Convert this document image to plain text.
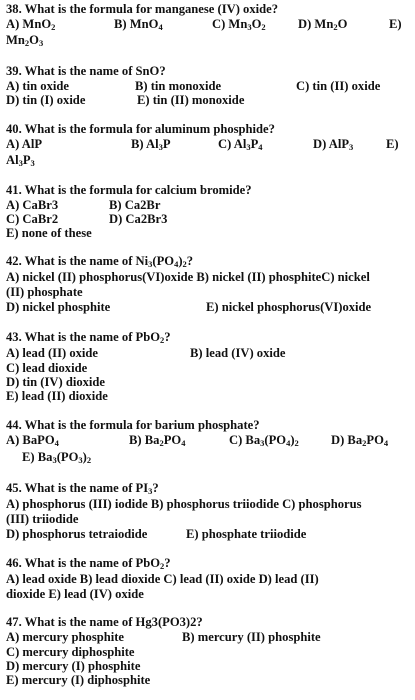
38. What is the formula for manganese (IV) oxide?
A) MnO$_2$	B) MnO$_4$	C) $Mn_3O_2$	D) $Mn_2O$	E)
$Mn_2O_3$
39. What is the name of SnO?
A) tin oxide	B) tin monoxide	C) tin (II) oxide
D) tin (I) oxide	E) tin (II) monoxide
40. What is the formula for aluminum phosphide?
A) AlP	B) $Al_3P$	C) $Al_3P_4$	D) AlP$_3$	E)
$Al_3P_3$
41. What is the formula for calcium bromide?
A) CaBr3	B) Ca2Br
C) CaBr2	D) Ca2Br3
E) none of these
42. What is the name of $Ni_3(PO_4)_2$?
A) nickel (II) phosphorus(VI)oxide B) nickel (II) phosphiteC) nickel
(II) phosphate
D) nickel phosphite	E) nickel phosphorus(VI)oxide
43. What is the name of PbO$_2$?
A) lead (II) oxide	B) lead (IV) oxide
C) lead dioxide
D) tin (IV) dioxide
E) lead (II) dioxide
44. What is the formula for barium phosphate?
A) BaPO$_4$	B) $Ba_2PO_4$	C) $Ba_3(PO_4)_2$	D) $Ba_2PO_4$
E) $Ba_3(PO_3)_2$
45. What is the name of $PI_3$?
A) phosphorus (III) iodide B) phosphorus triiodide C) phosphorus
(III) triiodide
D) phosphorus tetraiodide	E) phosphate triiodide
46. What is the name of PbO$_2$?
A) lead oxide B) lead dioxide C) lead (II) oxide D) lead (II)
dioxide E) lead (IV) oxide
47. What is the name of Hg3(PO3)2?
A) mercury phosphite	B) mercury (II) phosphite
C) mercury diphosphite
D) mercury (I) phosphite
E) mercury (I) diphosphite
